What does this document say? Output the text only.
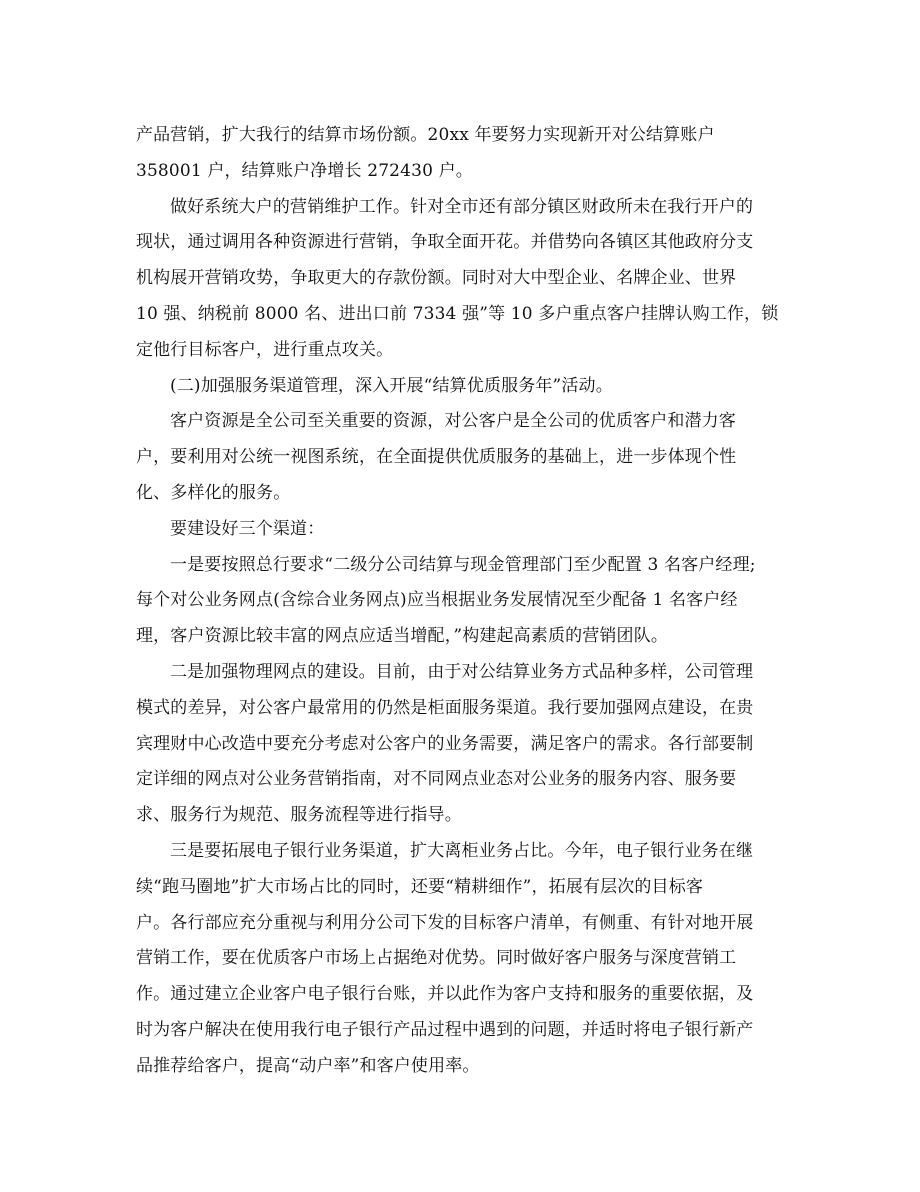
产品营销，扩大我行的结算市场份额。20xx 年要努力实现新开对公结算账户
358001 户，结算账户净增长 272430 户。
做好系统大户的营销维护工作。针对全市还有部分镇区财政所未在我行开户的
现状，通过调用各种资源进行营销，争取全面开花。并借势向各镇区其他政府分支
机构展开营销攻势，争取更大的存款份额。同时对大中型企业、名牌企业、世界
10 强、纳税前 8000 名、进出口前 7334 强”等 10 多户重点客户挂牌认购工作，锁
定他行目标客户，进行重点攻关。
(二)加强服务渠道管理，深入开展“结算优质服务年”活动。
客户资源是全公司至关重要的资源，对公客户是全公司的优质客户和潜力客
户，要利用对公统一视图系统，在全面提供优质服务的基础上，进一步体现个性
化、多样化的服务。
要建设好三个渠道：
一是要按照总行要求“二级分公司结算与现金管理部门至少配置 3 名客户经理;
每个对公业务网点(含综合业务网点)应当根据业务发展情况至少配备 1 名客户经
理，客户资源比较丰富的网点应适当增配，”构建起高素质的营销团队。
二是加强物理网点的建设。目前，由于对公结算业务方式品种多样，公司管理
模式的差异，对公客户最常用的仍然是柜面服务渠道。我行要加强网点建设，在贵
宾理财中心改造中要充分考虑对公客户的业务需要，满足客户的需求。各行部要制
定详细的网点对公业务营销指南，对不同网点业态对公业务的服务内容、服务要
求、服务行为规范、服务流程等进行指导。
三是要拓展电子银行业务渠道，扩大离柜业务占比。今年，电子银行业务在继
续“跑马圈地”扩大市场占比的同时，还要“精耕细作”，拓展有层次的目标客
户。各行部应充分重视与利用分公司下发的目标客户清单，有侧重、有针对地开展
营销工作，要在优质客户市场上占据绝对优势。同时做好客户服务与深度营销工
作。通过建立企业客户电子银行台账，并以此作为客户支持和服务的重要依据，及
时为客户解决在使用我行电子银行产品过程中遇到的问题，并适时将电子银行新产
品推荐给客户，提高“动户率”和客户使用率。
